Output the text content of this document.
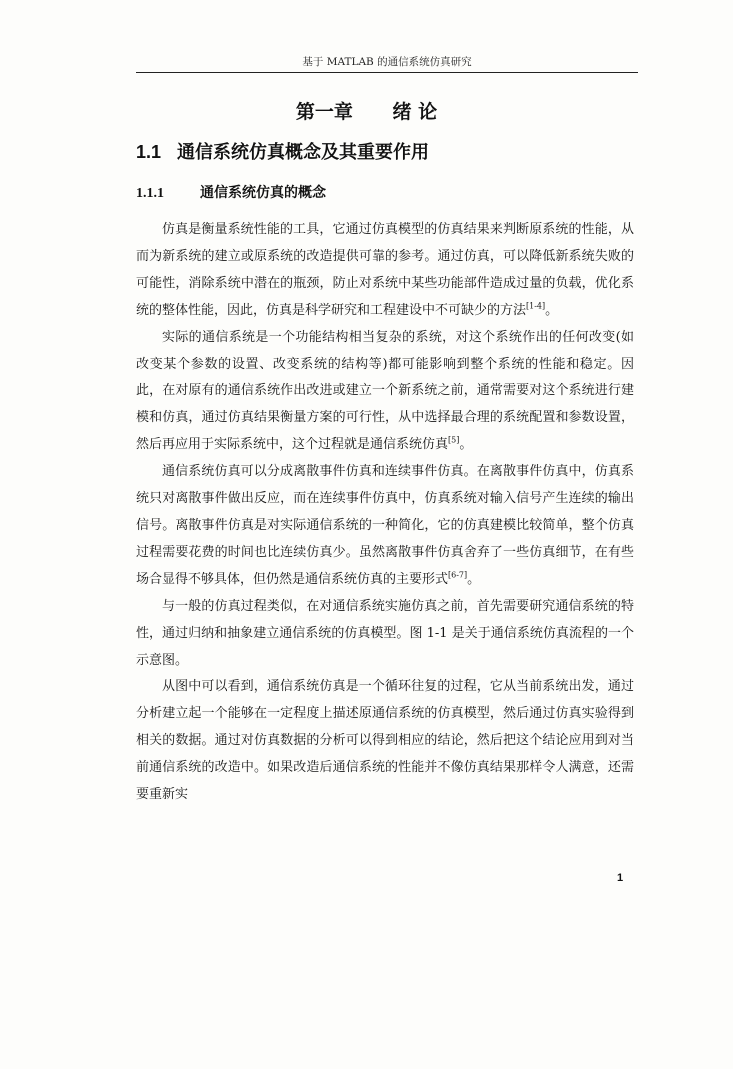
基于 MATLAB 的通信系统仿真研究
第一章      绪 论
1.1 通信系统仿真概念及其重要作用
1.1.1	通信系统仿真的概念

仿真是衡量系统性能的工具，它通过仿真模型的仿真结果来判断原系统的性能，从而为新系统的建立或原系统的改造提供可靠的参考。通过仿真，可以降低新系统失败的可能性，消除系统中潜在的瓶颈，防止对系统中某些功能部件造成过量的负载，优化系统的整体性能，因此，仿真是科学研究和工程建设中不可缺少的方法[1-4]。

实际的通信系统是一个功能结构相当复杂的系统，对这个系统作出的任何改变(如改变某个参数的设置、改变系统的结构等)都可能影响到整个系统的性能和稳定。因此，在对原有的通信系统作出改进或建立一个新系统之前，通常需要对这个系统进行建模和仿真，通过仿真结果衡量方案的可行性，从中选择最合理的系统配置和参数设置，然后再应用于实际系统中，这个过程就是通信系统仿真[5]。

通信系统仿真可以分成离散事件仿真和连续事件仿真。在离散事件仿真中，仿真系统只对离散事件做出反应，而在连续事件仿真中，仿真系统对输入信号产生连续的输出信号。离散事件仿真是对实际通信系统的一种简化，它的仿真建模比较简单，整个仿真过程需要花费的时间也比连续仿真少。虽然离散事件仿真舍弃了一些仿真细节，在有些场合显得不够具体，但仍然是通信系统仿真的主要形式[6-7]。

与一般的仿真过程类似，在对通信系统实施仿真之前，首先需要研究通信系统的特性，通过归纳和抽象建立通信系统的仿真模型。图 1-1 是关于通信系统仿真流程的一个示意图。

从图中可以看到，通信系统仿真是一个循环往复的过程，它从当前系统出发，通过分析建立起一个能够在一定程度上描述原通信系统的仿真模型，然后通过仿真实验得到相关的数据。通过对仿真数据的分析可以得到相应的结论，然后把这个结论应用到对当前通信系统的改造中。如果改造后通信系统的性能并不像仿真结果那样令人满意，还需要重新实

1
